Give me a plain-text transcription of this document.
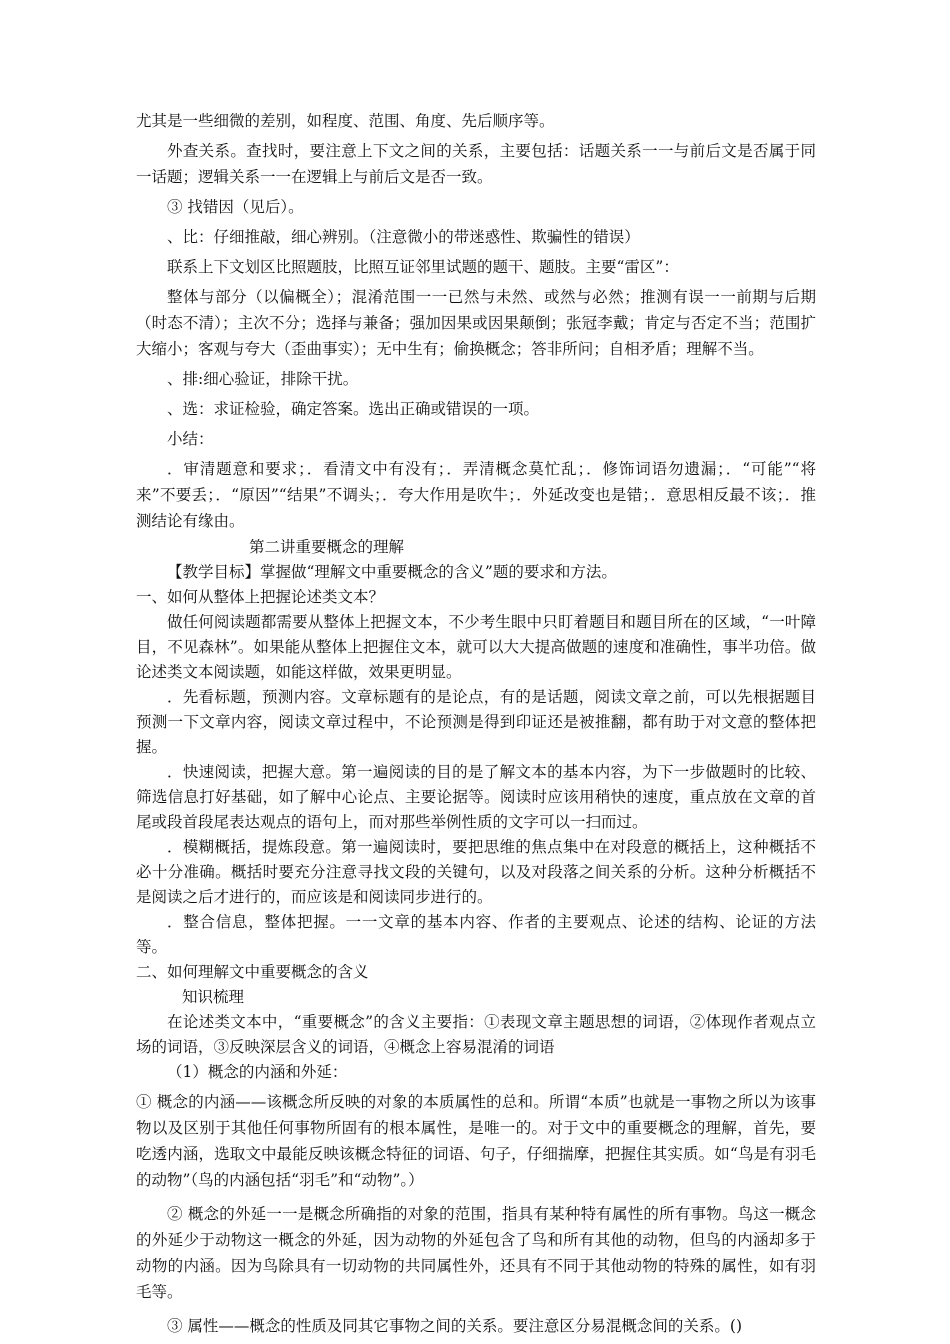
尤其是一些细微的差别，如程度、范围、角度、先后顺序等。

外查关系。查找时，要注意上下文之间的关系，主要包括：话题关系一一与前后文是否属于同一话题；逻辑关系一一在逻辑上与前后文是否一致。

③ 找错因（见后）。

、比：仔细推敲，细心辨别。（注意微小的带迷惑性、欺骗性的错误）

联系上下文划区比照题肢，比照互证邻里试题的题干、题肢。主要“雷区”：

整体与部分（以偏概全）；混淆范围一一已然与未然、或然与必然；推测有误一一前期与后期（时态不清）；主次不分；选择与兼备；强加因果或因果颠倒；张冠李戴；肯定与否定不当；范围扩大缩小；客观与夸大（歪曲事实）；无中生有；偷换概念；答非所问；自相矛盾；理解不当。

、排:细心验证，排除干扰。

、选：求证检验，确定答案。选出正确或错误的一项。

小结：

．审清题意和要求；．看清文中有没有；．弄清概念莫忙乱；．修饰词语勿遗漏；．“可能”“将来”不要丢；．“原因”“结果”不调头；．夸大作用是吹牛；．外延改变也是错；．意思相反最不该；．推测结论有缘由。

第二讲重要概念的理解

【教学目标】掌握做“理解文中重要概念的含义”题的要求和方法。

一、如何从整体上把握论述类文本？

做任何阅读题都需要从整体上把握文本，不少考生眼中只盯着题目和题目所在的区域，“一叶障目，不见森林”。如果能从整体上把握住文本，就可以大大提高做题的速度和准确性，事半功倍。做论述类文本阅读题，如能这样做，效果更明显。

．先看标题，预测内容。文章标题有的是论点，有的是话题，阅读文章之前，可以先根据题目预测一下文章内容，阅读文章过程中，不论预测是得到印证还是被推翻，都有助于对文意的整体把握。

．快速阅读，把握大意。第一遍阅读的目的是了解文本的基本内容，为下一步做题时的比较、筛选信息打好基础，如了解中心论点、主要论据等。阅读时应该用稍快的速度，重点放在文章的首尾或段首段尾表达观点的语句上，而对那些举例性质的文字可以一扫而过。

．模糊概括，提炼段意。第一遍阅读时，要把思维的焦点集中在对段意的概括上，这种概括不必十分准确。概括时要充分注意寻找文段的关键句，以及对段落之间关系的分析。这种分析概括不是阅读之后才进行的，而应该是和阅读同步进行的。

．整合信息，整体把握。一一文章的基本内容、作者的主要观点、论述的结构、论证的方法等。

二、如何理解文中重要概念的含义

知识梳理

在论述类文本中，“重要概念”的含义主要指：①表现文章主题思想的词语，②体现作者观点立场的词语，③反映深层含义的词语，④概念上容易混淆的词语

（1）概念的内涵和外延：

① 概念的内涵——该概念所反映的对象的本质属性的总和。所谓“本质”也就是一事物之所以为该事物以及区别于其他任何事物所固有的根本属性，是唯一的。对于文中的重要概念的理解，首先，要吃透内涵，选取文中最能反映该概念特征的词语、句子，仔细揣摩，把握住其实质。如“鸟是有羽毛的动物”（鸟的内涵包括“羽毛”和“动物”。）

② 概念的外延一一是概念所确指的对象的范围，指具有某种特有属性的所有事物。鸟这一概念的外延少于动物这一概念的外延，因为动物的外延包含了鸟和所有其他的动物，但鸟的内涵却多于动物的内涵。因为鸟除具有一切动物的共同属性外，还具有不同于其他动物的特殊的属性，如有羽毛等。

③ 属性——概念的性质及同其它事物之间的关系。要注意区分易混概念间的关系。()
